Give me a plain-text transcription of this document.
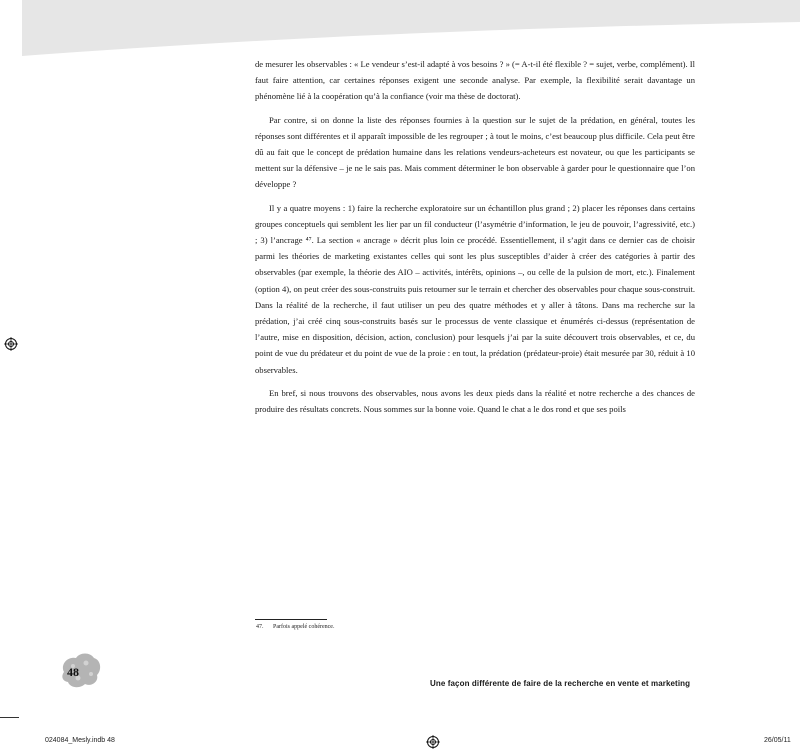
de mesurer les observables : « Le vendeur s’est-il adapté à vos besoins ? » (= A-t-il été flexible ? = sujet, verbe, complément). Il faut faire attention, car certaines réponses exigent une seconde analyse. Par exemple, la flexibilité serait davantage un phénomène lié à la coopération qu’à la confiance (voir ma thèse de doctorat).

Par contre, si on donne la liste des réponses fournies à la question sur le sujet de la prédation, en général, toutes les réponses sont différentes et il apparaît impossible de les regrouper ; à tout le moins, c’est beaucoup plus difficile. Cela peut être dû au fait que le concept de prédation humaine dans les relations vendeurs-acheteurs est novateur, ou que les participants se mettent sur la défensive – je ne le sais pas. Mais comment déterminer le bon observable à garder pour le questionnaire que l’on développe ?

Il y a quatre moyens : 1) faire la recherche exploratoire sur un échantillon plus grand ; 2) placer les réponses dans certains groupes conceptuels qui semblent les lier par un fil conducteur (l’asymétrie d’information, le jeu de pouvoir, l’agressivité, etc.) ; 3) l’ancrage ⁴⁷. La section « ancrage » décrit plus loin ce procédé. Essentiellement, il s’agit dans ce dernier cas de choisir parmi les théories de marketing existantes celles qui sont les plus susceptibles d’aider à créer des catégories à partir des observables (par exemple, la théorie des AIO – activités, intérêts, opinions –, ou celle de la pulsion de mort, etc.). Finalement (option 4), on peut créer des sous-construits puis retourner sur le terrain et chercher des observables pour chaque sous-construit. Dans la réalité de la recherche, il faut utiliser un peu des quatre méthodes et y aller à tâtons. Dans ma recherche sur la prédation, j’ai créé cinq sous-construits basés sur le processus de vente classique et énumérés ci-dessus (représentation de l’autre, mise en disposition, décision, action, conclusion) pour lesquels j’ai par la suite découvert trois observables, et ce, du point de vue du prédateur et du point de vue de la proie : en tout, la prédation (prédateur-proie) était mesurée par 30, réduit à 10 observables.

En bref, si nous trouvons des observables, nous avons les deux pieds dans la réalité et notre recherche a des chances de produire des résultats concrets. Nous sommes sur la bonne voie. Quand le chat a le dos rond et que ses poils

47. Parfois appelé cohérence.
48
Une façon différente de faire de la recherche en vente et marketing
024084_Mesly.indb 48	26/05/11
